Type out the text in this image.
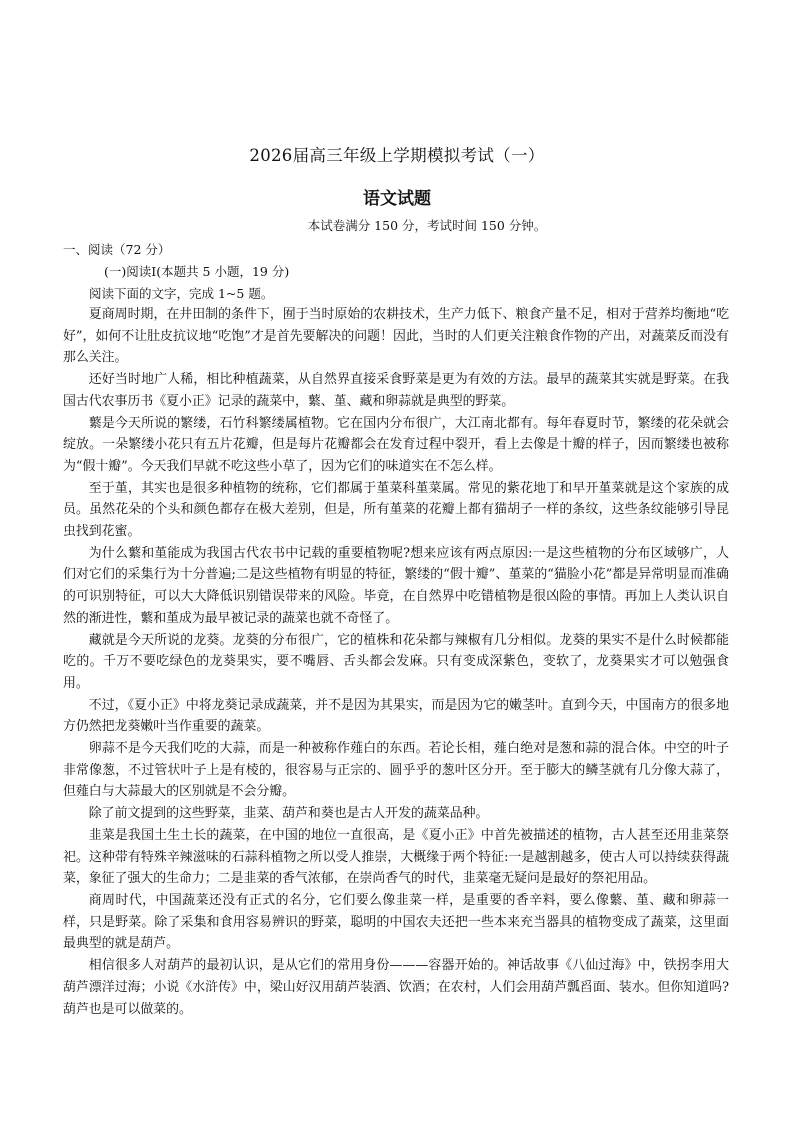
2026届高三年级上学期模拟考试（一）
语文试题
本试卷满分 150 分，考试时间 150 分钟。
一、阅读（72 分）
(一)阅读Ⅰ(本题共 5 小题，19 分)
阅读下面的文字，完成 1~5 题。

夏商周时期，在井田制的条件下，囿于当时原始的农耕技术，生产力低下、粮食产量不足，相对于营养均衡地“吃好”，如何不让肚皮抗议地“吃饱”才是首先要解决的问题！因此，当时的人们更关注粮食作物的产出，对蔬菜反而没有那么关注。

还好当时地广人稀，相比种植蔬菜，从自然界直接采食野菜是更为有效的方法。最早的蔬菜其实就是野菜。在我国古代农事历书《夏小正》记录的蔬菜中，蘩、堇、藏和卵蒜就是典型的野菜。

蘩是今天所说的繁缕，石竹科繁缕属植物。它在国内分布很广，大江南北都有。每年春夏时节，繁缕的花朵就会绽放。一朵繁缕小花只有五片花瓣，但是每片花瓣都会在发育过程中裂开，看上去像是十瓣的样子，因而繁缕也被称为“假十瓣”。今天我们早就不吃这些小草了，因为它们的味道实在不怎么样。

至于堇，其实也是很多种植物的统称，它们都属于堇菜科堇菜属。常见的紫花地丁和早开堇菜就是这个家族的成员。虽然花朵的个头和颜色都存在极大差别，但是，所有堇菜的花瓣上都有猫胡子一样的条纹，这些条纹能够引导昆虫找到花蜜。

为什么蘩和堇能成为我国古代农书中记载的重要植物呢?想来应该有两点原因:一是这些植物的分布区域够广，人们对它们的采集行为十分普遍;二是这些植物有明显的特征，繁缕的“假十瓣”、堇菜的“猫脸小花”都是异常明显而准确的可识别特征，可以大大降低识别错误带来的风险。毕竟，在自然界中吃错植物是很凶险的事情。再加上人类认识自然的渐进性，蘩和堇成为最早被记录的蔬菜也就不奇怪了。

藏就是今天所说的龙葵。龙葵的分布很广，它的植株和花朵都与辣椒有几分相似。龙葵的果实不是什么时候都能吃的。千万不要吃绿色的龙葵果实，要不嘴唇、舌头都会发麻。只有变成深紫色，变软了，龙葵果实才可以勉强食用。

不过，《夏小正》中将龙葵记录成蔬菜，并不是因为其果实，而是因为它的嫩茎叶。直到今天，中国南方的很多地方仍然把龙葵嫩叶当作重要的蔬菜。

卵蒜不是今天我们吃的大蒜，而是一种被称作薤白的东西。若论长相，薤白绝对是葱和蒜的混合体。中空的叶子非常像葱，不过管状叶子上是有棱的，很容易与正宗的、圆乎乎的葱叶区分开。至于膨大的鳞茎就有几分像大蒜了，但薤白与大蒜最大的区别就是不会分瓣。

除了前文提到的这些野菜，韭菜、葫芦和葵也是古人开发的蔬菜品种。

韭菜是我国土生土长的蔬菜，在中国的地位一直很高，是《夏小正》中首先被描述的植物，古人甚至还用韭菜祭祀。这种带有特殊辛辣滋味的石蒜科植物之所以受人推崇，大概缘于两个特征:一是越割越多，使古人可以持续获得蔬菜，象征了强大的生命力；二是韭菜的香气浓郁，在崇尚香气的时代，韭菜毫无疑问是最好的祭祀用品。

商周时代，中国蔬菜还没有正式的名分，它们要么像韭菜一样，是重要的香辛料，要么像蘩、堇、藏和卵蒜一样，只是野菜。除了采集和食用容易辨识的野菜，聪明的中国农夫还把一些本来充当器具的植物变成了蔬菜，这里面最典型的就是葫芦。

相信很多人对葫芦的最初认识，是从它们的常用身份———容器开始的。神话故事《八仙过海》中，铁拐李用大葫芦漂洋过海；小说《水浒传》中，梁山好汉用葫芦装酒、饮酒；在农村，人们会用葫芦瓢舀面、装水。但你知道吗?葫芦也是可以做菜的。
